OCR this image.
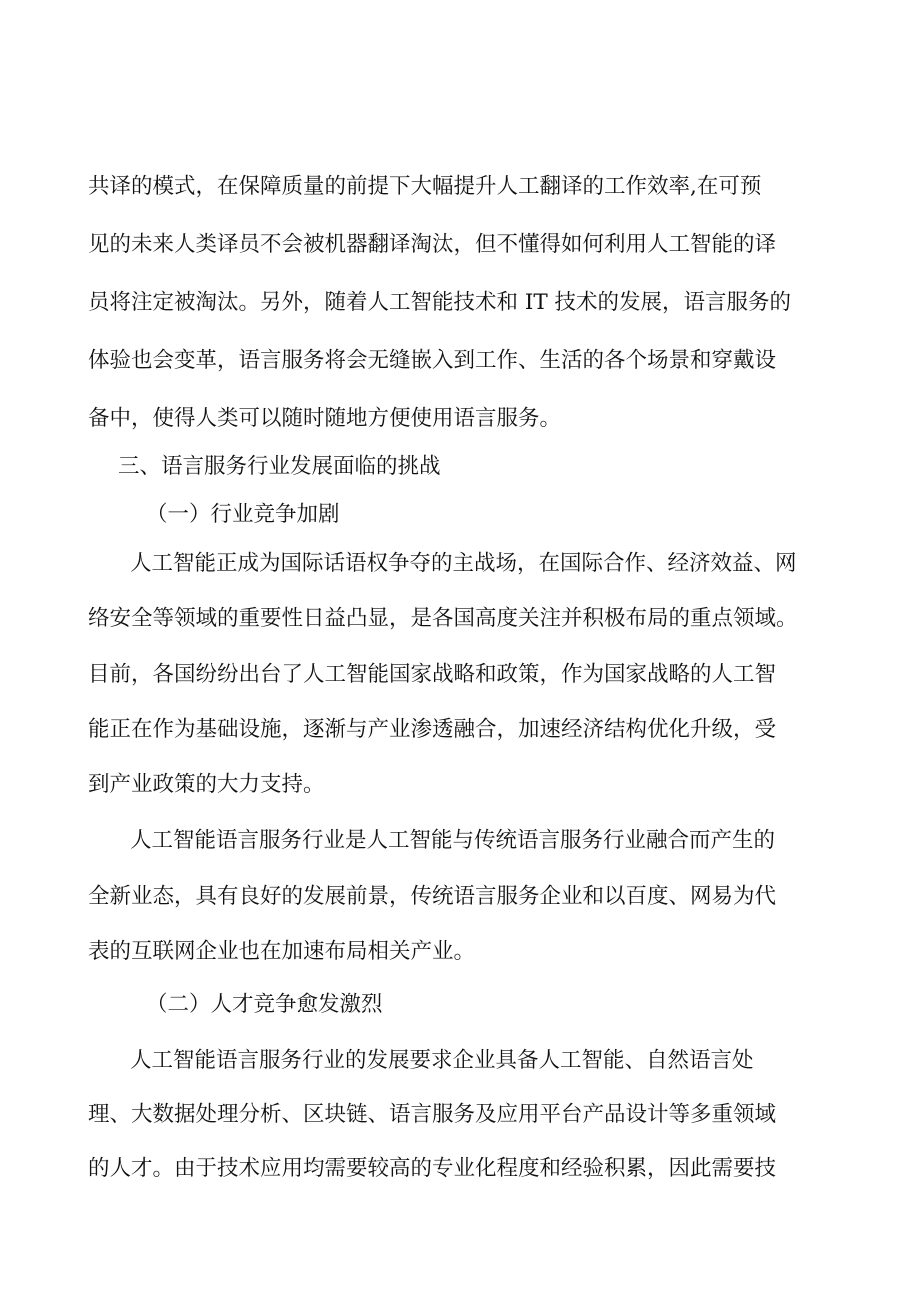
共译的模式，在保障质量的前提下大幅提升人工翻译的工作效率,在可预
见的未来人类译员不会被机器翻译淘汰，但不懂得如何利用人工智能的译
员将注定被淘汰。另外，随着人工智能技术和 IT 技术的发展，语言服务的
体验也会变革，语言服务将会无缝嵌入到工作、生活的各个场景和穿戴设
备中，使得人类可以随时随地方便使用语言服务。
三、语言服务行业发展面临的挑战
（一）行业竞争加剧
人工智能正成为国际话语权争夺的主战场，在国际合作、经济效益、网
络安全等领域的重要性日益凸显，是各国高度关注并积极布局的重点领域。
目前，各国纷纷出台了人工智能国家战略和政策，作为国家战略的人工智
能正在作为基础设施，逐渐与产业渗透融合，加速经济结构优化升级，受
到产业政策的大力支持。
人工智能语言服务行业是人工智能与传统语言服务行业融合而产生的
全新业态，具有良好的发展前景，传统语言服务企业和以百度、网易为代
表的互联网企业也在加速布局相关产业。
（二）人才竞争愈发激烈
人工智能语言服务行业的发展要求企业具备人工智能、自然语言处
理、大数据处理分析、区块链、语言服务及应用平台产品设计等多重领域
的人才。由于技术应用均需要较高的专业化程度和经验积累，因此需要技
